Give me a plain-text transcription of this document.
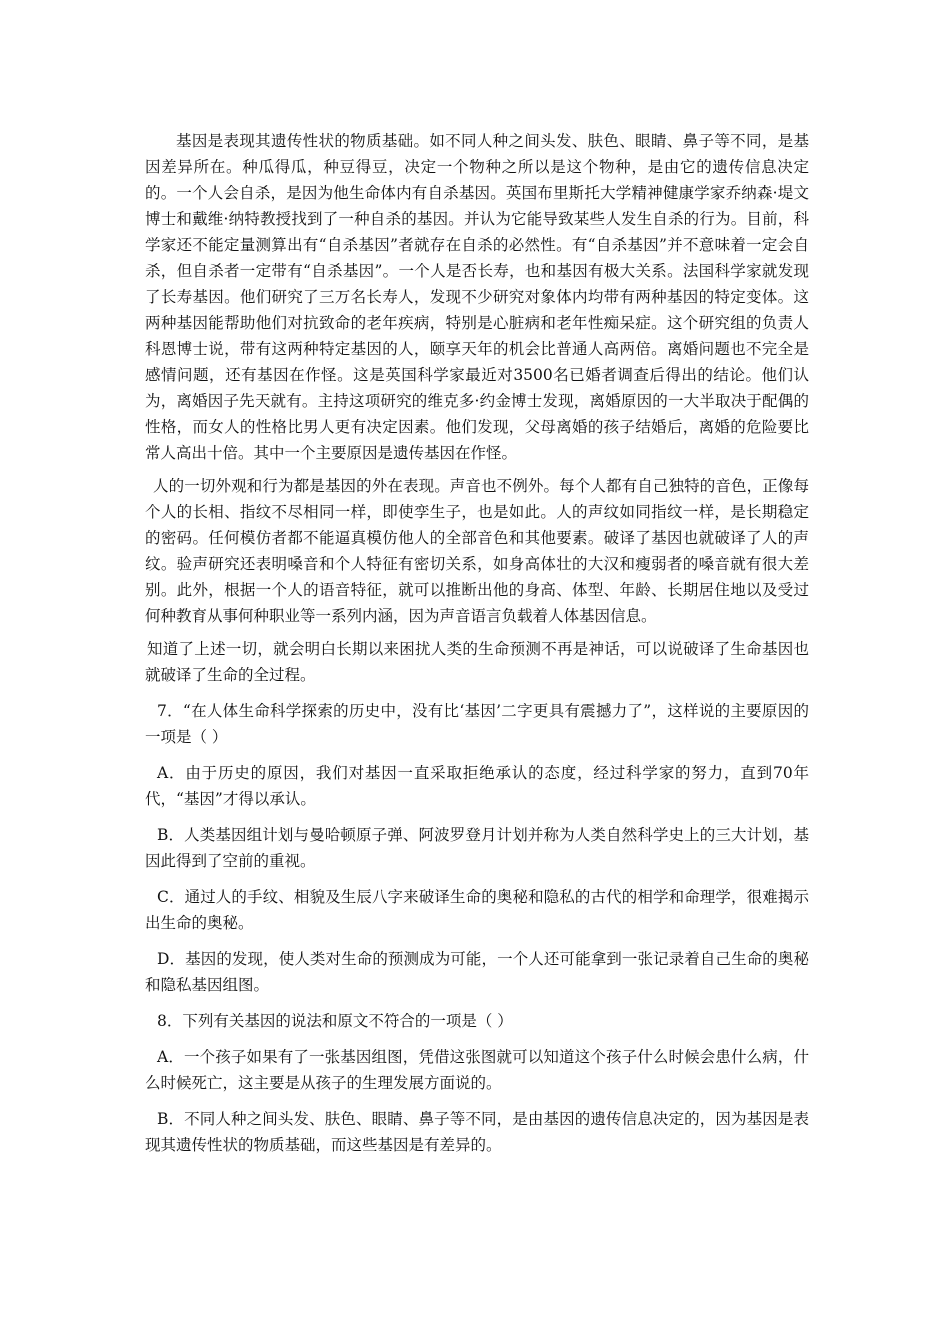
基因是表现其遗传性状的物质基础。如不同人种之间头发、肤色、眼睛、鼻子等不同，是基因差异所在。种瓜得瓜，种豆得豆，决定一个物种之所以是这个物种，是由它的遗传信息决定的。一个人会自杀，是因为他生命体内有自杀基因。英国布里斯托大学精神健康学家乔纳森·堤文博士和戴维·纳特教授找到了一种自杀的基因。并认为它能导致某些人发生自杀的行为。目前，科学家还不能定量测算出有“自杀基因”者就存在自杀的必然性。有“自杀基因”并不意味着一定会自杀，但自杀者一定带有“自杀基因”。一个人是否长寿，也和基因有极大关系。法国科学家就发现了长寿基因。他们研究了三万名长寿人，发现不少研究对象体内均带有两种基因的特定变体。这两种基因能帮助他们对抗致命的老年疾病，特别是心脏病和老年性痴呆症。这个研究组的负责人科恩博士说，带有这两种特定基因的人，颐享天年的机会比普通人高两倍。离婚问题也不完全是感情问题，还有基因在作怪。这是英国科学家最近对3500名已婚者调查后得出的结论。他们认为，离婚因子先天就有。主持这项研究的维克多·约金博士发现，离婚原因的一大半取决于配偶的性格，而女人的性格比男人更有决定因素。他们发现，父母离婚的孩子结婚后，离婚的危险要比常人高出十倍。其中一个主要原因是遗传基因在作怪。

人的一切外观和行为都是基因的外在表现。声音也不例外。每个人都有自己独特的音色，正像每个人的长相、指纹不尽相同一样，即使孪生子，也是如此。人的声纹如同指纹一样，是长期稳定的密码。任何模仿者都不能逼真模仿他人的全部音色和其他要素。破译了基因也就破译了人的声纹。验声研究还表明嗓音和个人特征有密切关系，如身高体壮的大汉和瘦弱者的嗓音就有很大差别。此外，根据一个人的语音特征，就可以推断出他的身高、体型、年龄、长期居住地以及受过何种教育从事何种职业等一系列内涵，因为声音语言负载着人体基因信息。

知道了上述一切，就会明白长期以来困扰人类的生命预测不再是神话，可以说破译了生命基因也就破译了生命的全过程。

7．“在人体生命科学探索的历史中，没有比‘基因’二字更具有震撼力了”，这样说的主要原因的一项是（ ）

A．由于历史的原因，我们对基因一直采取拒绝承认的态度，经过科学家的努力，直到70年代，“基因”才得以承认。

B．人类基因组计划与曼哈顿原子弹、阿波罗登月计划并称为人类自然科学史上的三大计划，基因此得到了空前的重视。

C．通过人的手纹、相貌及生辰八字来破译生命的奥秘和隐私的古代的相学和命理学，很难揭示出生命的奥秘。

D．基因的发现，使人类对生命的预测成为可能，一个人还可能拿到一张记录着自己生命的奥秘和隐私基因组图。

8．下列有关基因的说法和原文不符合的一项是（ ）

A．一个孩子如果有了一张基因组图，凭借这张图就可以知道这个孩子什么时候会患什么病，什么时候死亡，这主要是从孩子的生理发展方面说的。

B．不同人种之间头发、肤色、眼睛、鼻子等不同，是由基因的遗传信息决定的，因为基因是表现其遗传性状的物质基础，而这些基因是有差异的。
